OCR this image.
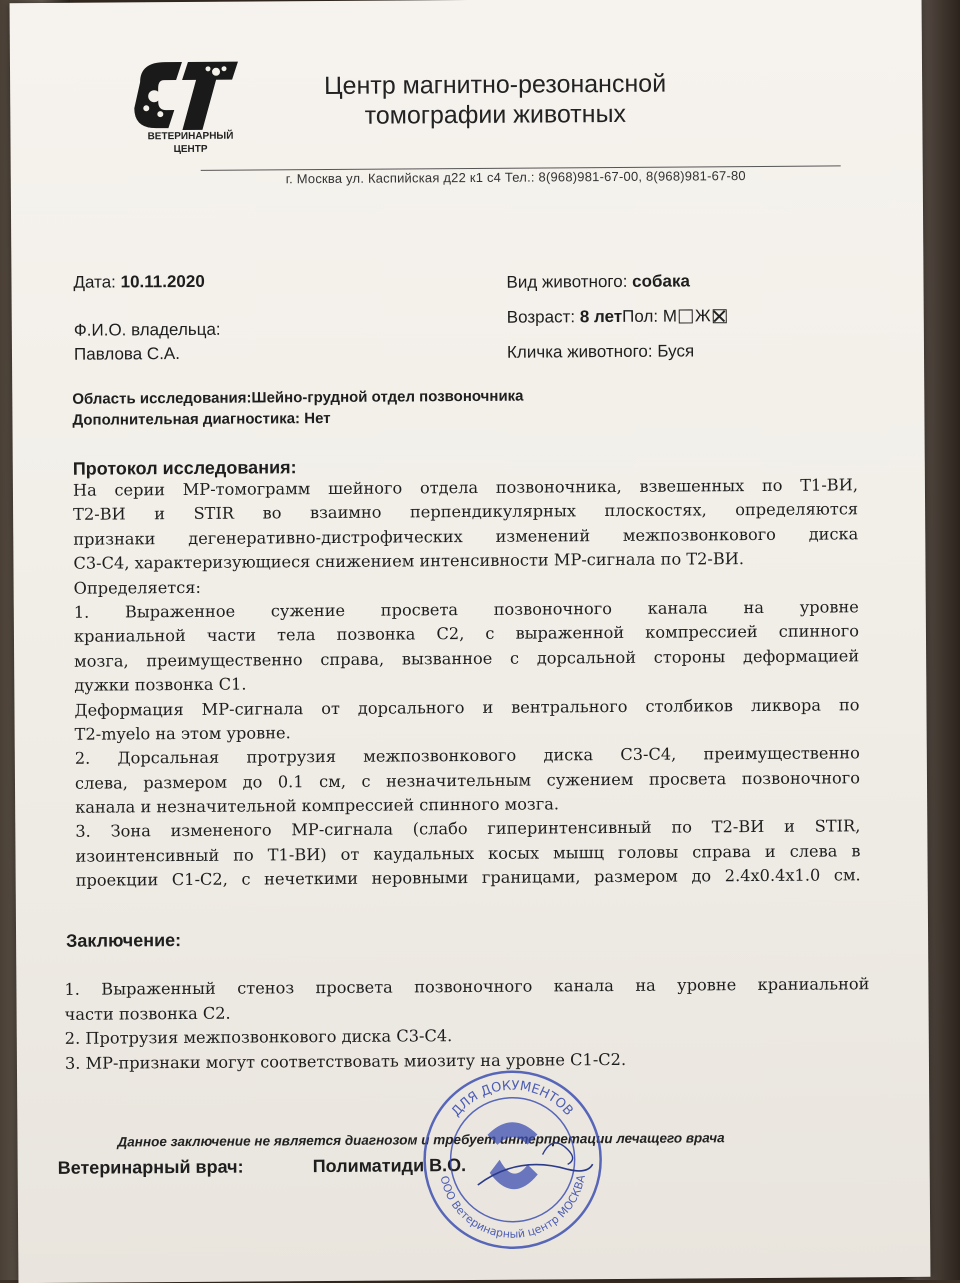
ВЕТЕРИНАРНЫЙ
ЦЕНТР
Центр магнитно-резонансной
томографии животных
г. Москва ул. Каспийская д22 к1 с4 Тел.: 8(968)981-67-00, 8(968)981-67-80
Дата: 10.11.2020
Ф.И.О. владельца:
Павлова С.А.
Вид животного: собака
Возраст: 8 летПол: М Ж
Кличка животного: Буся
Область исследования:Шейно-грудной отдел позвоночника
Дополнительная диагностика: Нет
Протокол исследования:
На серии МР-томограмм шейного отдела позвоночника, взвешенных по Т1-ВИ,
Т2-ВИ и STIR во взаимно перпендикулярных плоскостях, определяются
признаки дегенеративно-дистрофических изменений межпозвонкового диска
С3-С4, характеризующиеся снижением интенсивности МР-сигнала по Т2-ВИ.
Определяется:
1. Выраженное сужение просвета позвоночного канала на уровне
краниальной части тела позвонка С2, с выраженной компрессией спинного
мозга, преимущественно справа, вызванное с дорсальной стороны деформацией
дужки позвонка С1.
Деформация МР-сигнала от дорсального и вентрального столбиков ликвора по
Т2-myelo на этом уровне.
2. Дорсальная протрузия межпозвонкового диска С3-С4, преимущественно
слева, размером до 0.1 см, с незначительным сужением просвета позвоночного
канала и незначительной компрессией спинного мозга.
3. Зона измененого МР-сигнала (слабо гиперинтенсивный по Т2-ВИ и STIR,
изоинтенсивный по Т1-ВИ) от каудальных косых мышц головы справа и слева в
проекции С1-С2, с нечеткими неровными границами, размером до 2.4х0.4х1.0 см.
Заключение:
1. Выраженный стеноз просвета позвоночного канала на уровне краниальной
части позвонка С2.
2. Протрузия межпозвонкового диска С3-С4.
3. МР-признаки могут соответствовать миозиту на уровне С1-С2.
Данное заключение не является диагнозом и требует интерпретации лечащего врача
Ветеринарный врач:	Полиматиди В.О.
ДЛЯ ДОКУМЕНТОВ
ООО Ветеринарный центр МОСКВА
